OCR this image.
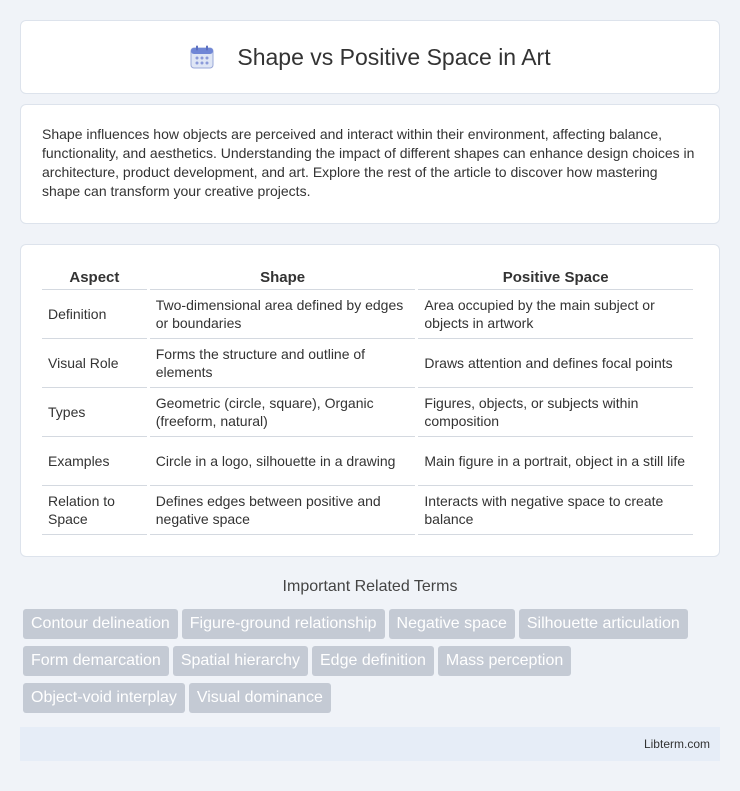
Shape vs Positive Space in Art

Shape influences how objects are perceived and interact within their environment, affecting balance, functionality, and aesthetics. Understanding the impact of different shapes can enhance design choices in architecture, product development, and art. Explore the rest of the article to discover how mastering shape can transform your creative projects.

Aspect	Shape	Positive Space
Definition	Two-dimensional area defined by edges or boundaries	Area occupied by the main subject or objects in artwork
Visual Role	Forms the structure and outline of elements	Draws attention and defines focal points
Types	Geometric (circle, square), Organic (freeform, natural)	Figures, objects, or subjects within composition
Examples	Circle in a logo, silhouette in a drawing	Main figure in a portrait, object in a still life
Relation to Space	Defines edges between positive and negative space	Interacts with negative space to create balance
Important Related Terms
Contour delineation	Figure-ground relationship	Negative space	Silhouette articulation
Form demarcation	Spatial hierarchy	Edge definition	Mass perception
Object-void interplay	Visual dominance
Libterm.com
